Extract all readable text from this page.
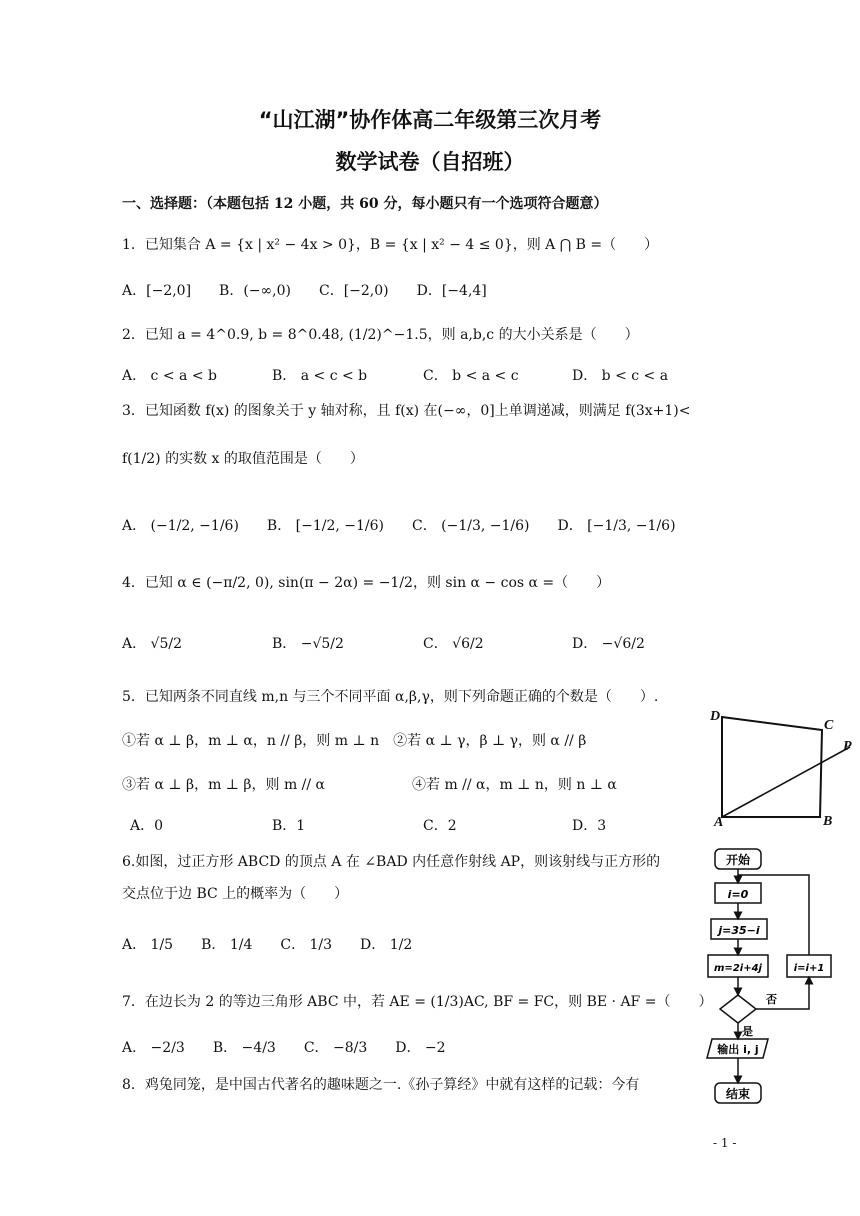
“山江湖”协作体高二年级第三次月考
数学试卷（自招班）
一、选择题：（本题包括 12 小题，共 60 分，每小题只有一个选项符合题意）
1．已知集合 A = {x | x² − 4x > 0}，B = {x | x² − 4 ≤ 0}，则 A ⋂ B =（　　）
A．[−2,0]　　B．(−∞,0)　　C．[−2,0)　　D．[−4,4]
2．已知 a = 4^0.9, b = 8^0.48, (1/2)^−1.5，则 a,b,c 的大小关系是（　　）
A． c < a < b	B． a < c < b	C． b < a < c	D． b < c < a
3．已知函数 f(x) 的图象关于 y 轴对称，且 f(x) 在(−∞，0]上单调递减，则满足 f(3x+1)<
f(1/2) 的实数 x 的取值范围是（　　）
A． (−1/2, −1/6)　　B． [−1/2, −1/6)　　C． (−1/3, −1/6)　　D． [−1/3, −1/6)
4．已知 α ∈ (−π/2, 0), sin(π − 2α) = −1/2，则 sin α − cos α =（　　）
A． √5/2	B． −√5/2	C． √6/2	D． −√6/2
5．已知两条不同直线 m,n 与三个不同平面 α,β,γ，则下列命题正确的个数是（　　）.
①若 α ⊥ β，m ⊥ α，n // β，则 m ⊥ n　②若 α ⊥ γ，β ⊥ γ，则 α // β
③若 α ⊥ β，m ⊥ β，则 m // α	④若 m // α，m ⊥ n，则 n ⊥ α
A．0	B．1	C．2	D．3
6.如图，过正方形 ABCD 的顶点 A 在 ∠BAD 内任意作射线 AP，则该射线与正方形的
交点位于边 BC 上的概率为（　　）
A． 1/5　　B． 1/4　　C． 1/3　　D． 1/2
7．在边长为 2 的等边三角形 ABC 中，若 AE = (1/3)AC, BF = FC，则 BE · AF =（　　）
A． −2/3　　B． −4/3　　C． −8/3　　D． −2
8．鸡兔同笼，是中国古代著名的趣味题之一.《孙子算经》中就有这样的记载：今有
D
C
P
A	B
开始
i=0
j=35−i
m=2i+4j	i=i+1
否
是
输出 i, j
结束
- 1 -
